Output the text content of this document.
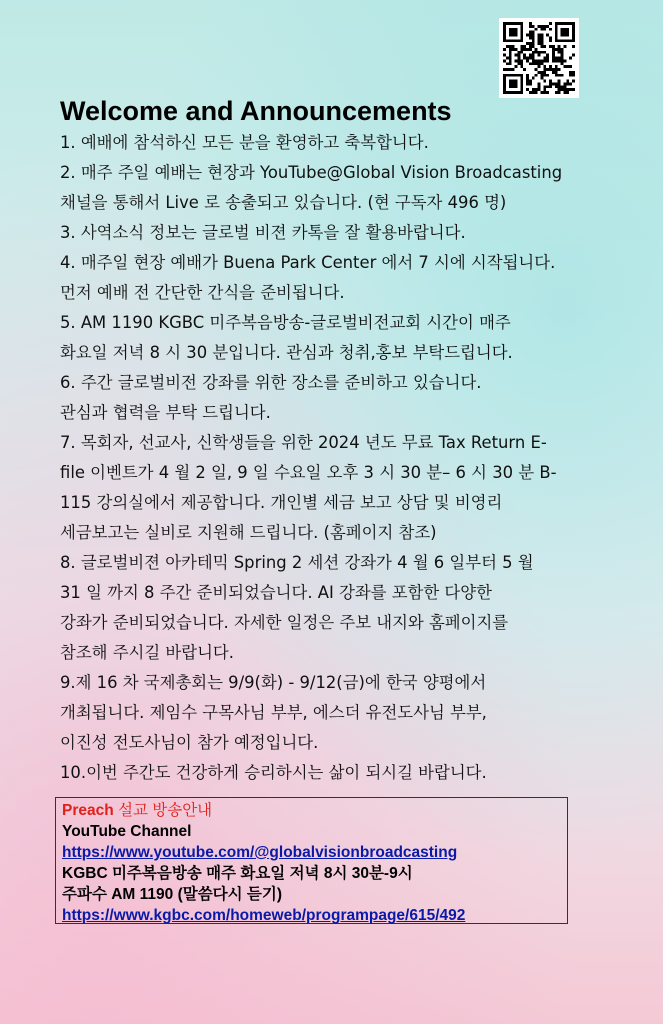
Welcome and Announcements
1. 예배에 참석하신 모든 분을 환영하고 축복합니다.
2. 매주 주일 예배는 현장과 YouTube@Global Vision Broadcasting
채널을 통해서 Live 로 송출되고 있습니다. (현 구독자 496 명)
3. 사역소식 정보는 글로벌 비젼 카톡을 잘 활용바랍니다.
4. 매주일 현장 예배가 Buena Park Center 에서 7 시에 시작됩니다.
먼저 예배 전 간단한 간식을 준비됩니다.
5. AM 1190 KGBC 미주복음방송-글로벌비전교회 시간이 매주
화요일 저녁 8 시 30 분입니다. 관심과 청취,홍보 부탁드립니다.
6. 주간 글로벌비전 강좌를 위한 장소를 준비하고 있습니다.
관심과 협력을 부탁 드립니다.
7. 목회자, 선교사, 신학생들을 위한 2024 년도 무료 Tax Return E-
file 이벤트가 4 월 2 일, 9 일 수요일 오후 3 시 30 분– 6 시 30 분 B-
115 강의실에서 제공합니다. 개인별 세금 보고 상담 및 비영리
세금보고는 실비로 지원해 드립니다. (홈페이지 참조)
8. 글로벌비젼 아카테믹 Spring 2 세션 강좌가 4 월 6 일부터 5 월
31 일 까지 8 주간 준비되었습니다. AI 강좌를 포함한 다양한
강좌가 준비되었습니다. 자세한 일정은 주보 내지와 홈페이지를
참조해 주시길 바랍니다.
9.제 16 차 국제총회는 9/9(화) - 9/12(금)에 한국 양평에서
개최됩니다. 제임수 구목사님 부부, 에스더 유전도사님 부부,
이진성 전도사님이 참가 예정입니다.
10.이번 주간도 건강하게 승리하시는 삶이 되시길 바랍니다.
Preach 설교 방송안내
YouTube Channel
https://www.youtube.com/@globalvisionbroadcasting
KGBC 미주복음방송 매주 화요일 저녁 8시 30분-9시
주파수 AM 1190 (말씀다시 듣기)
https://www.kgbc.com/homeweb/programpage/615/492
